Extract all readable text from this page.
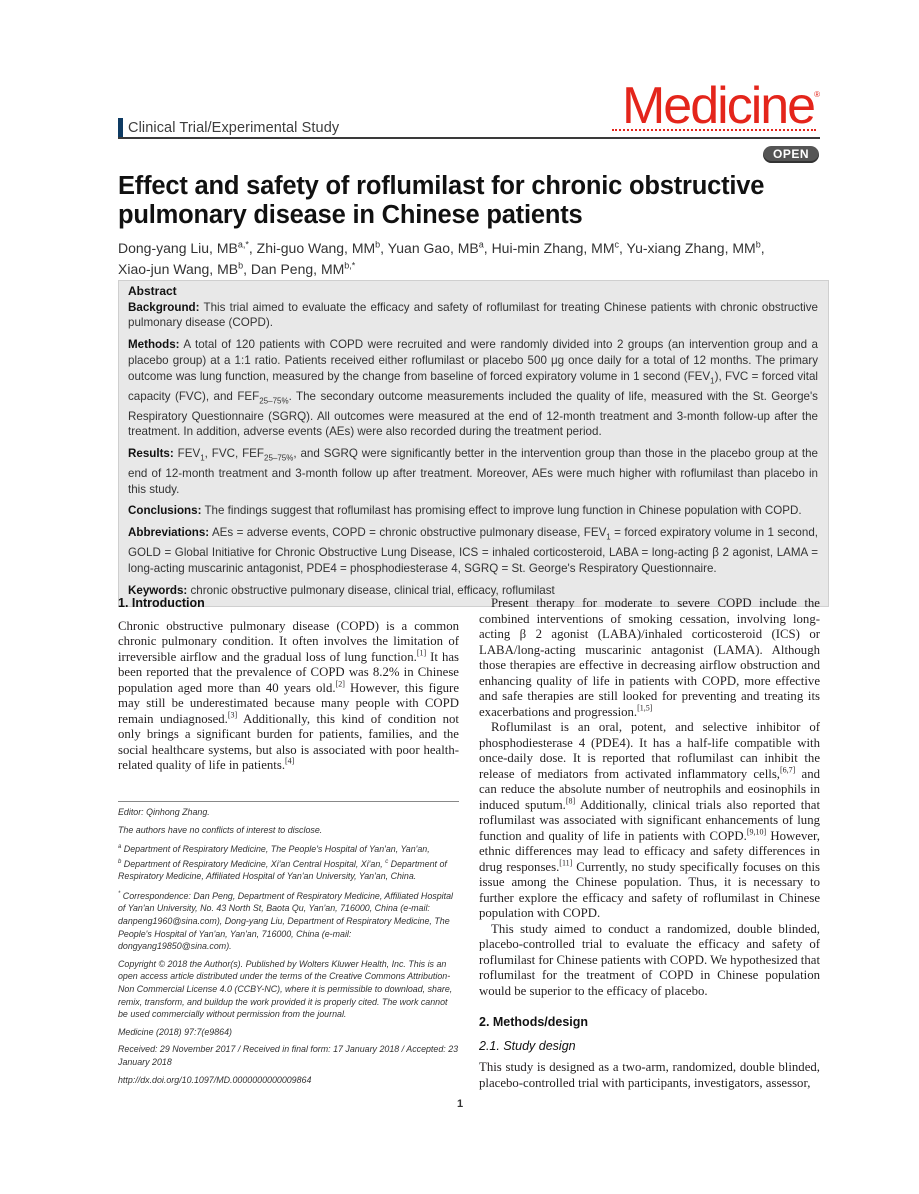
Clinical Trial/Experimental Study	Medicine®
OPEN
Effect and safety of roflumilast for chronic obstructive pulmonary disease in Chinese patients
Dong-yang Liu, $MB^{a,*}$, Zhi-guo Wang, $MM^b$, Yuan Gao, $MB^a$, Hui-min Zhang, $MM^c$, Yu-xiang Zhang, $MM^b$,
Xiao-jun Wang, $MB^b$, Dan Peng, $MM^{b,*}$
Abstract

Background: This trial aimed to evaluate the efficacy and safety of roflumilast for treating Chinese patients with chronic obstructive pulmonary disease (COPD).

Methods: A total of 120 patients with COPD were recruited and were randomly divided into 2 groups (an intervention group and a placebo group) at a 1:1 ratio. Patients received either roflumilast or placebo 500 μg once daily for a total of 12 months. The primary outcome was lung function, measured by the change from baseline of forced expiratory volume in 1 second $(FEV_1)$, FVC = forced vital capacity (FVC), and $FEF_{25-75\%}$. The secondary outcome measurements included the quality of life, measured with the St. George's Respiratory Questionnaire (SGRQ). All outcomes were measured at the end of 12-month treatment and 3-month follow-up after the treatment. In addition, adverse events (AEs) were also recorded during the treatment period.

Results: $FEV_1$, FVC, $FEF_{25-75\%}$, and SGRQ were significantly better in the intervention group than those in the placebo group at the end of 12-month treatment and 3-month follow up after treatment. Moreover, AEs were much higher with roflumilast than placebo in this study.

Conclusions: The findings suggest that roflumilast has promising effect to improve lung function in Chinese population with COPD.

Abbreviations: AEs = adverse events, COPD = chronic obstructive pulmonary disease, $FEV_1$ = forced expiratory volume in 1 second, GOLD = Global Initiative for Chronic Obstructive Lung Disease, ICS = inhaled corticosteroid, LABA = long-acting β 2 agonist, LAMA = long-acting muscarinic antagonist, PDE4 = phosphodiesterase 4, SGRQ = St. George's Respiratory Questionnaire.

Keywords: chronic obstructive pulmonary disease, clinical trial, efficacy, roflumilast

1. Introduction

Chronic obstructive pulmonary disease (COPD) is a common chronic pulmonary condition. It often involves the limitation of irreversible airflow and the gradual loss of lung function.[1] It has been reported that the prevalence of COPD was 8.2% in Chinese population aged more than 40 years old.[2] However, this figure may still be underestimated because many people with COPD remain undiagnosed.[3] Additionally, this kind of condition not only brings a significant burden for patients, families, and the social healthcare systems, but also is associated with poor health-related quality of life in patients.[4]

Editor: Qinhong Zhang.

The authors have no conflicts of interest to disclose.

$^a$ Department of Respiratory Medicine, The People's Hospital of Yan'an, Yan'an,
$^b$ Department of Respiratory Medicine, Xi'an Central Hospital, Xi'an, $^c$ Department of Respiratory Medicine, Affiliated Hospital of Yan'an University, Yan'an, China.

* Correspondence: Dan Peng, Department of Respiratory Medicine, Affiliated Hospital of Yan'an University, No. 43 North St, Baota Qu, Yan'an, 716000, China (e-mail: danpeng1960@sina.com), Dong-yang Liu, Department of Respiratory Medicine, The People's Hospital of Yan'an, Yan'an, 716000, China (e-mail: dongyang19850@sina.com).

Copyright © 2018 the Author(s). Published by Wolters Kluwer Health, Inc. This is an open access article distributed under the terms of the Creative Commons Attribution-Non Commercial License 4.0 (CCBY-NC), where it is permissible to download, share, remix, transform, and buildup the work provided it is properly cited. The work cannot be used commercially without permission from the journal.

Medicine (2018) 97:7(e9864)

Received: 29 November 2017 / Received in final form: 17 January 2018 / Accepted: 23 January 2018

http://dx.doi.org/10.1097/MD.0000000000009864

Present therapy for moderate to severe COPD include the combined interventions of smoking cessation, involving long-acting β 2 agonist (LABA)/inhaled corticosteroid (ICS) or LABA/long-acting muscarinic antagonist (LAMA). Although those therapies are effective in decreasing airflow obstruction and enhancing quality of life in patients with COPD, more effective and safe therapies are still looked for preventing and treating its exacerbations and progression.[1,5]

Roflumilast is an oral, potent, and selective inhibitor of phosphodiesterase 4 (PDE4). It has a half-life compatible with once-daily dose. It is reported that roflumilast can inhibit the release of mediators from activated inflammatory cells,[6,7] and can reduce the absolute number of neutrophils and eosinophils in induced sputum.[8] Additionally, clinical trials also reported that roflumilast was associated with significant enhancements of lung function and quality of life in patients with COPD.[9,10] However, ethnic differences may lead to efficacy and safety differences in drug responses.[11] Currently, no study specifically focuses on this issue among the Chinese population. Thus, it is necessary to further explore the efficacy and safety of roflumilast in Chinese population with COPD.

This study aimed to conduct a randomized, double blinded, placebo-controlled trial to evaluate the efficacy and safety of roflumilast for Chinese patients with COPD. We hypothesized that roflumilast for the treatment of COPD in Chinese population would be superior to the efficacy of placebo.

2. Methods/design
2.1. Study design

This study is designed as a two-arm, randomized, double blinded, placebo-controlled trial with participants, investigators, assessor,

1
